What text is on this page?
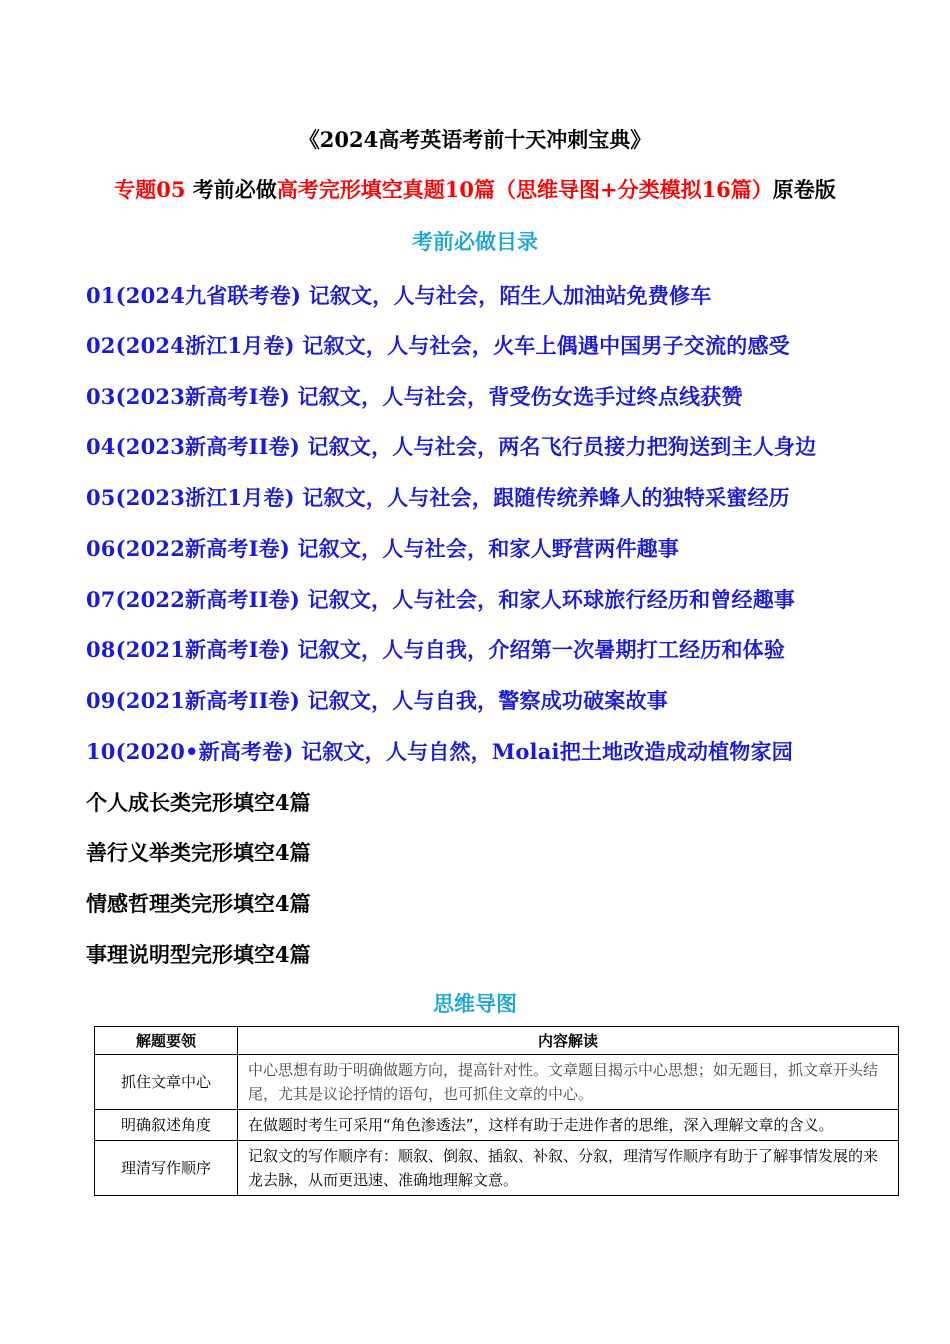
《2024高考英语考前十天冲刺宝典》
专题05 考前必做高考完形填空真题10篇（思维导图+分类模拟16篇）原卷版
考前必做目录
01(2024九省联考卷) 记叙文，人与社会，陌生人加油站免费修车
02(2024浙江1月卷) 记叙文，人与社会，火车上偶遇中国男子交流的感受
03(2023新高考I卷) 记叙文，人与社会，背受伤女选手过终点线获赞
04(2023新高考II卷) 记叙文，人与社会，两名飞行员接力把狗送到主人身边
05(2023浙江1月卷) 记叙文，人与社会，跟随传统养蜂人的独特采蜜经历
06(2022新高考I卷) 记叙文，人与社会，和家人野营两件趣事
07(2022新高考II卷) 记叙文，人与社会，和家人环球旅行经历和曾经趣事
08(2021新高考I卷) 记叙文，人与自我，介绍第一次暑期打工经历和体验
09(2021新高考II卷) 记叙文，人与自我，警察成功破案故事
10(2020•新高考卷) 记叙文，人与自然，Molai把土地改造成动植物家园
个人成长类完形填空4篇
善行义举类完形填空4篇
情感哲理类完形填空4篇
事理说明型完形填空4篇
思维导图
解题要领	内容解读
抓住文章中心	中心思想有助于明确做题方向，提高针对性。文章题目揭示中心思想；如无题目，抓文章开头结尾，尤其是议论抒情的语句，也可抓住文章的中心。
明确叙述角度	在做题时考生可采用“角色渗透法”，这样有助于走进作者的思维，深入理解文章的含义。
理清写作顺序	记叙文的写作顺序有：顺叙、倒叙、插叙、补叙、分叙，理清写作顺序有助于了解事情发展的来龙去脉，从而更迅速、准确地理解文意。
